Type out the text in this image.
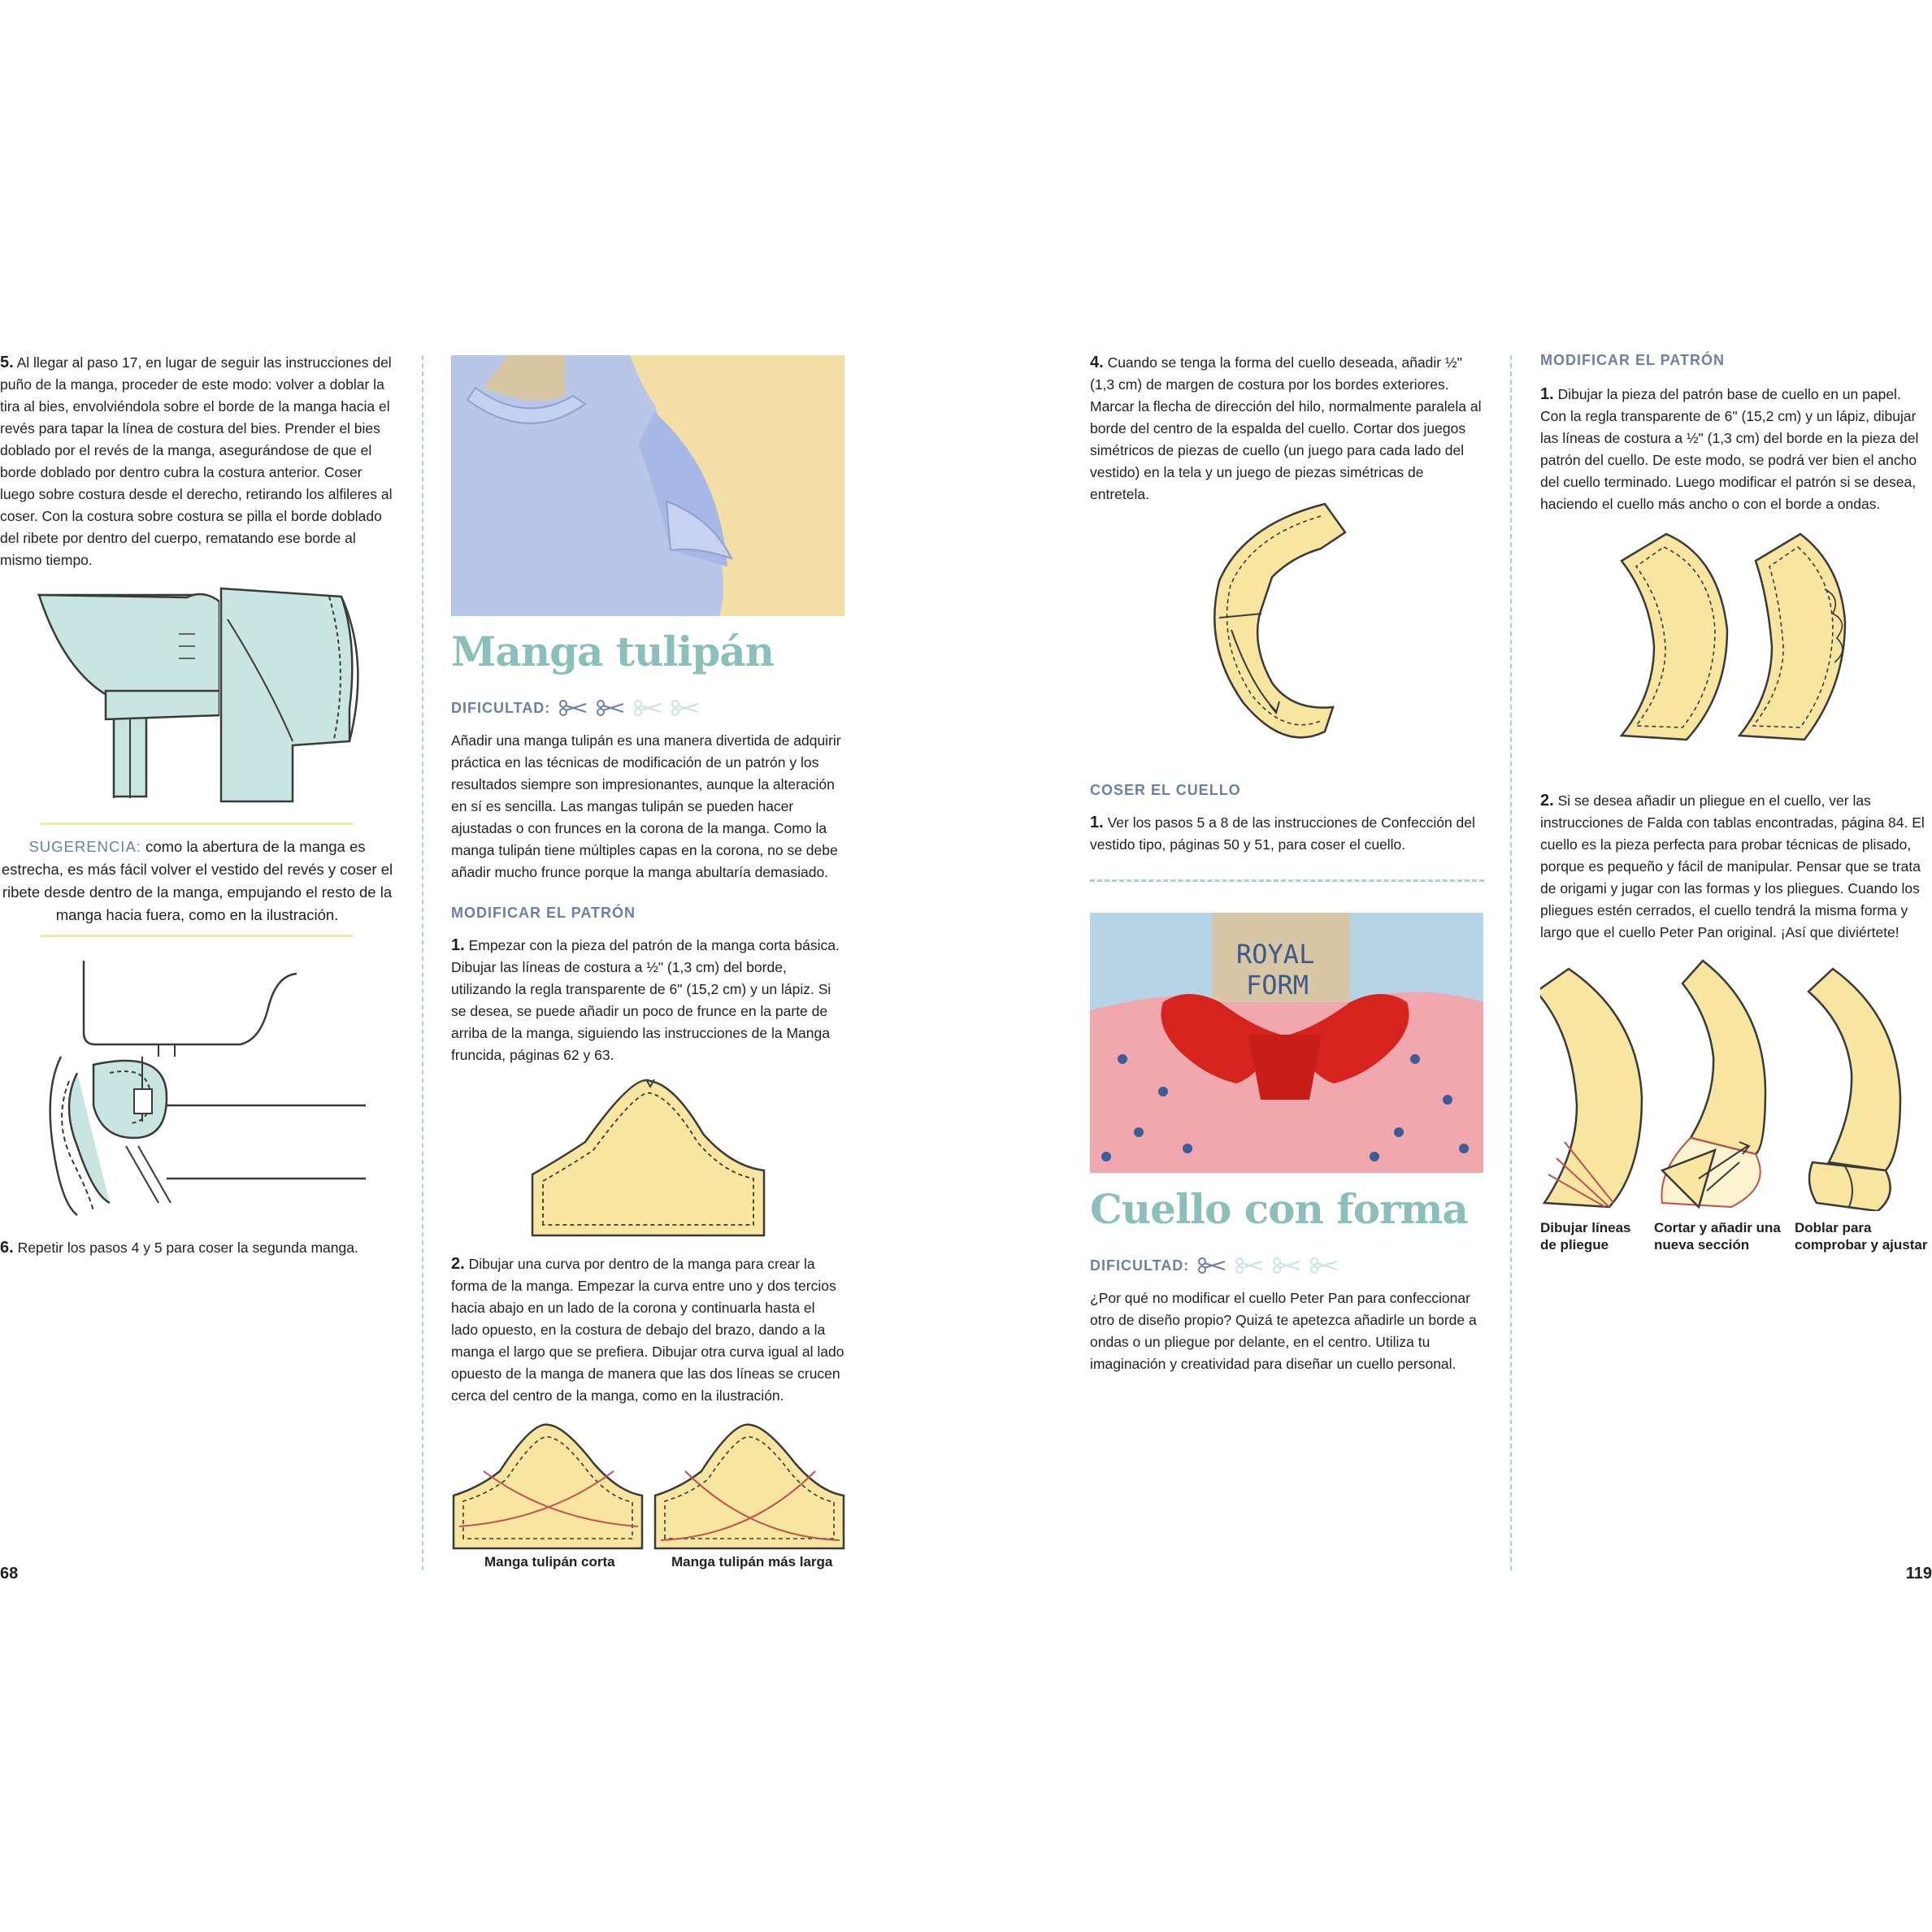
5. Al llegar al paso 17, en lugar de seguir las instrucciones del puño de la manga, proceder de este modo: volver a doblar la tira al bies, envolviéndola sobre el borde de la manga hacia el revés para tapar la línea de costura del bies. Prender el bies doblado por el revés de la manga, asegurándose de que el borde doblado por dentro cubra la costura anterior. Coser luego sobre costura desde el derecho, retirando los alfileres al coser. Con la costura sobre costura se pilla el borde doblado del ribete por dentro del cuerpo, rematando ese borde al mismo tiempo.

SUGERENCIA: como la abertura de la manga es estrecha, es más fácil volver el vestido del revés y coser el ribete desde dentro de la manga, empujando el resto de la manga hacia fuera, como en la ilustración.

6. Repetir los pasos 4 y 5 para coser la segunda manga.

68
Manga tulipán
DIFICULTAD:

Añadir una manga tulipán es una manera divertida de adquirir práctica en las técnicas de modificación de un patrón y los resultados siempre son impresionantes, aunque la alteración en sí es sencilla. Las mangas tulipán se pueden hacer ajustadas o con frunces en la corona de la manga. Como la manga tulipán tiene múltiples capas en la corona, no se debe añadir mucho frunce porque la manga abultaría demasiado.

MODIFICAR EL PATRÓN

1. Empezar con la pieza del patrón de la manga corta básica. Dibujar las líneas de costura a ½" (1,3 cm) del borde, utilizando la regla transparente de 6" (15,2 cm) y un lápiz. Si se desea, se puede añadir un poco de frunce en la parte de arriba de la manga, siguiendo las instrucciones de la Manga fruncida, páginas 62 y 63.

2. Dibujar una curva por dentro de la manga para crear la forma de la manga. Empezar la curva entre uno y dos tercios hacia abajo en un lado de la corona y continuarla hasta el lado opuesto, en la costura de debajo del brazo, dando a la manga el largo que se prefiera. Dibujar otra curva igual al lado opuesto de la manga de manera que las dos líneas se crucen cerca del centro de la manga, como en la ilustración.

Manga tulipán corta	Manga tulipán más larga

4. Cuando se tenga la forma del cuello deseada, añadir ½" (1,3 cm) de margen de costura por los bordes exteriores. Marcar la flecha de dirección del hilo, normalmente paralela al borde del centro de la espalda del cuello. Cortar dos juegos simétricos de piezas de cuello (un juego para cada lado del vestido) en la tela y un juego de piezas simétricas de entretela.

COSER EL CUELLO

1. Ver los pasos 5 a 8 de las instrucciones de Confección del vestido tipo, páginas 50 y 51, para coser el cuello.

ROYAL
FORM
Cuello con forma
DIFICULTAD:

¿Por qué no modificar el cuello Peter Pan para confeccionar otro de diseño propio? Quizá te apetezca añadirle un borde a ondas o un pliegue por delante, en el centro. Utiliza tu imaginación y creatividad para diseñar un cuello personal.

MODIFICAR EL PATRÓN

1. Dibujar la pieza del patrón base de cuello en un papel. Con la regla transparente de 6" (15,2 cm) y un lápiz, dibujar las líneas de costura a ½" (1,3 cm) del borde en la pieza del patrón del cuello. De este modo, se podrá ver bien el ancho del cuello terminado. Luego modificar el patrón si se desea, haciendo el cuello más ancho o con el borde a ondas.

2. Si se desea añadir un pliegue en el cuello, ver las instrucciones de Falda con tablas encontradas, página 84. El cuello es la pieza perfecta para probar técnicas de plisado, porque es pequeño y fácil de manipular. Pensar que se trata de origami y jugar con las formas y los pliegues. Cuando los pliegues estén cerrados, el cuello tendrá la misma forma y largo que el cuello Peter Pan original. ¡Así que diviértete!

Dibujar líneas de pliegue
Cortar y añadir una nueva sección
Doblar para comprobar y ajustar
119
